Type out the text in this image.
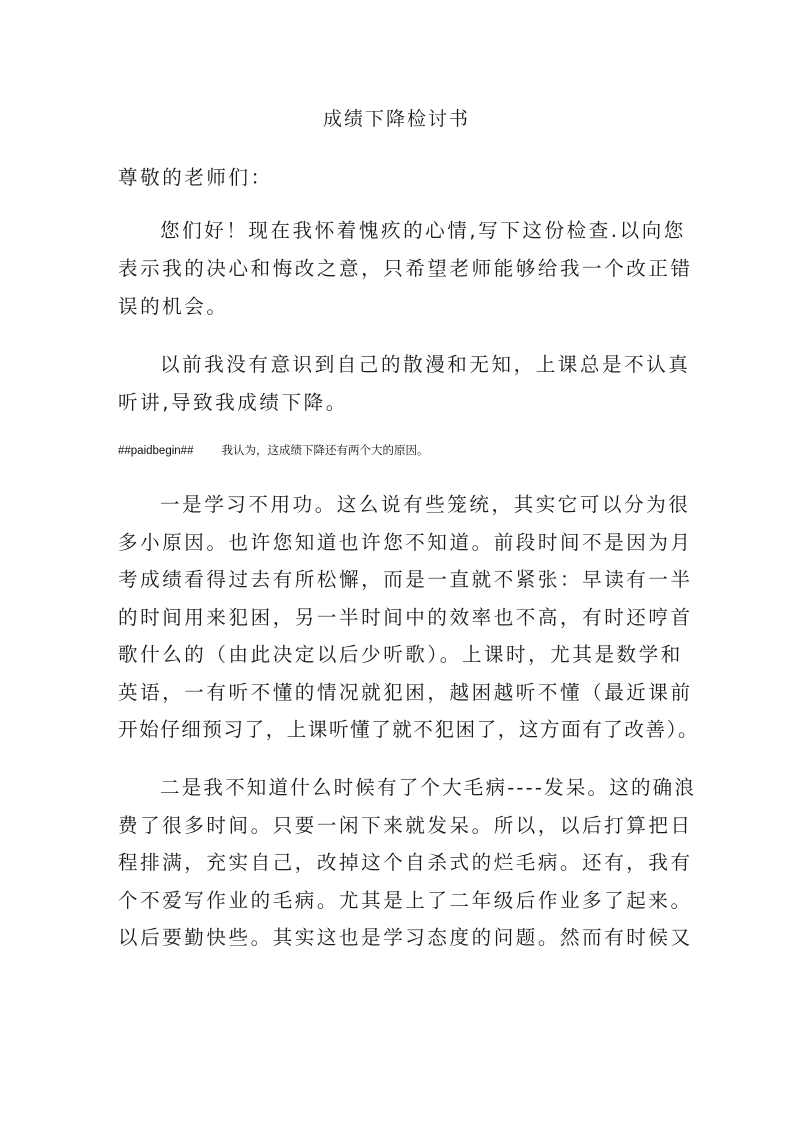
成绩下降检讨书
尊敬的老师们：
您们好！现在我怀着愧疚的心情,写下这份检查.以向您
表示我的决心和悔改之意，只希望老师能够给我一个改正错
误的机会。
以前我没有意识到自己的散漫和无知，上课总是不认真
听讲,导致我成绩下降。
##paidbegin## 我认为，这成绩下降还有两个大的原因。
一是学习不用功。这么说有些笼统，其实它可以分为很
多小原因。也许您知道也许您不知道。前段时间不是因为月
考成绩看得过去有所松懈，而是一直就不紧张：早读有一半
的时间用来犯困，另一半时间中的效率也不高，有时还哼首
歌什么的（由此决定以后少听歌）。上课时，尤其是数学和
英语，一有听不懂的情况就犯困，越困越听不懂（最近课前
开始仔细预习了，上课听懂了就不犯困了，这方面有了改善）。
二是我不知道什么时候有了个大毛病----发呆。这的确浪
费了很多时间。只要一闲下来就发呆。所以，以后打算把日
程排满，充实自己，改掉这个自杀式的烂毛病。还有，我有
个不爱写作业的毛病。尤其是上了二年级后作业多了起来。
以后要勤快些。其实这也是学习态度的问题。然而有时候又
